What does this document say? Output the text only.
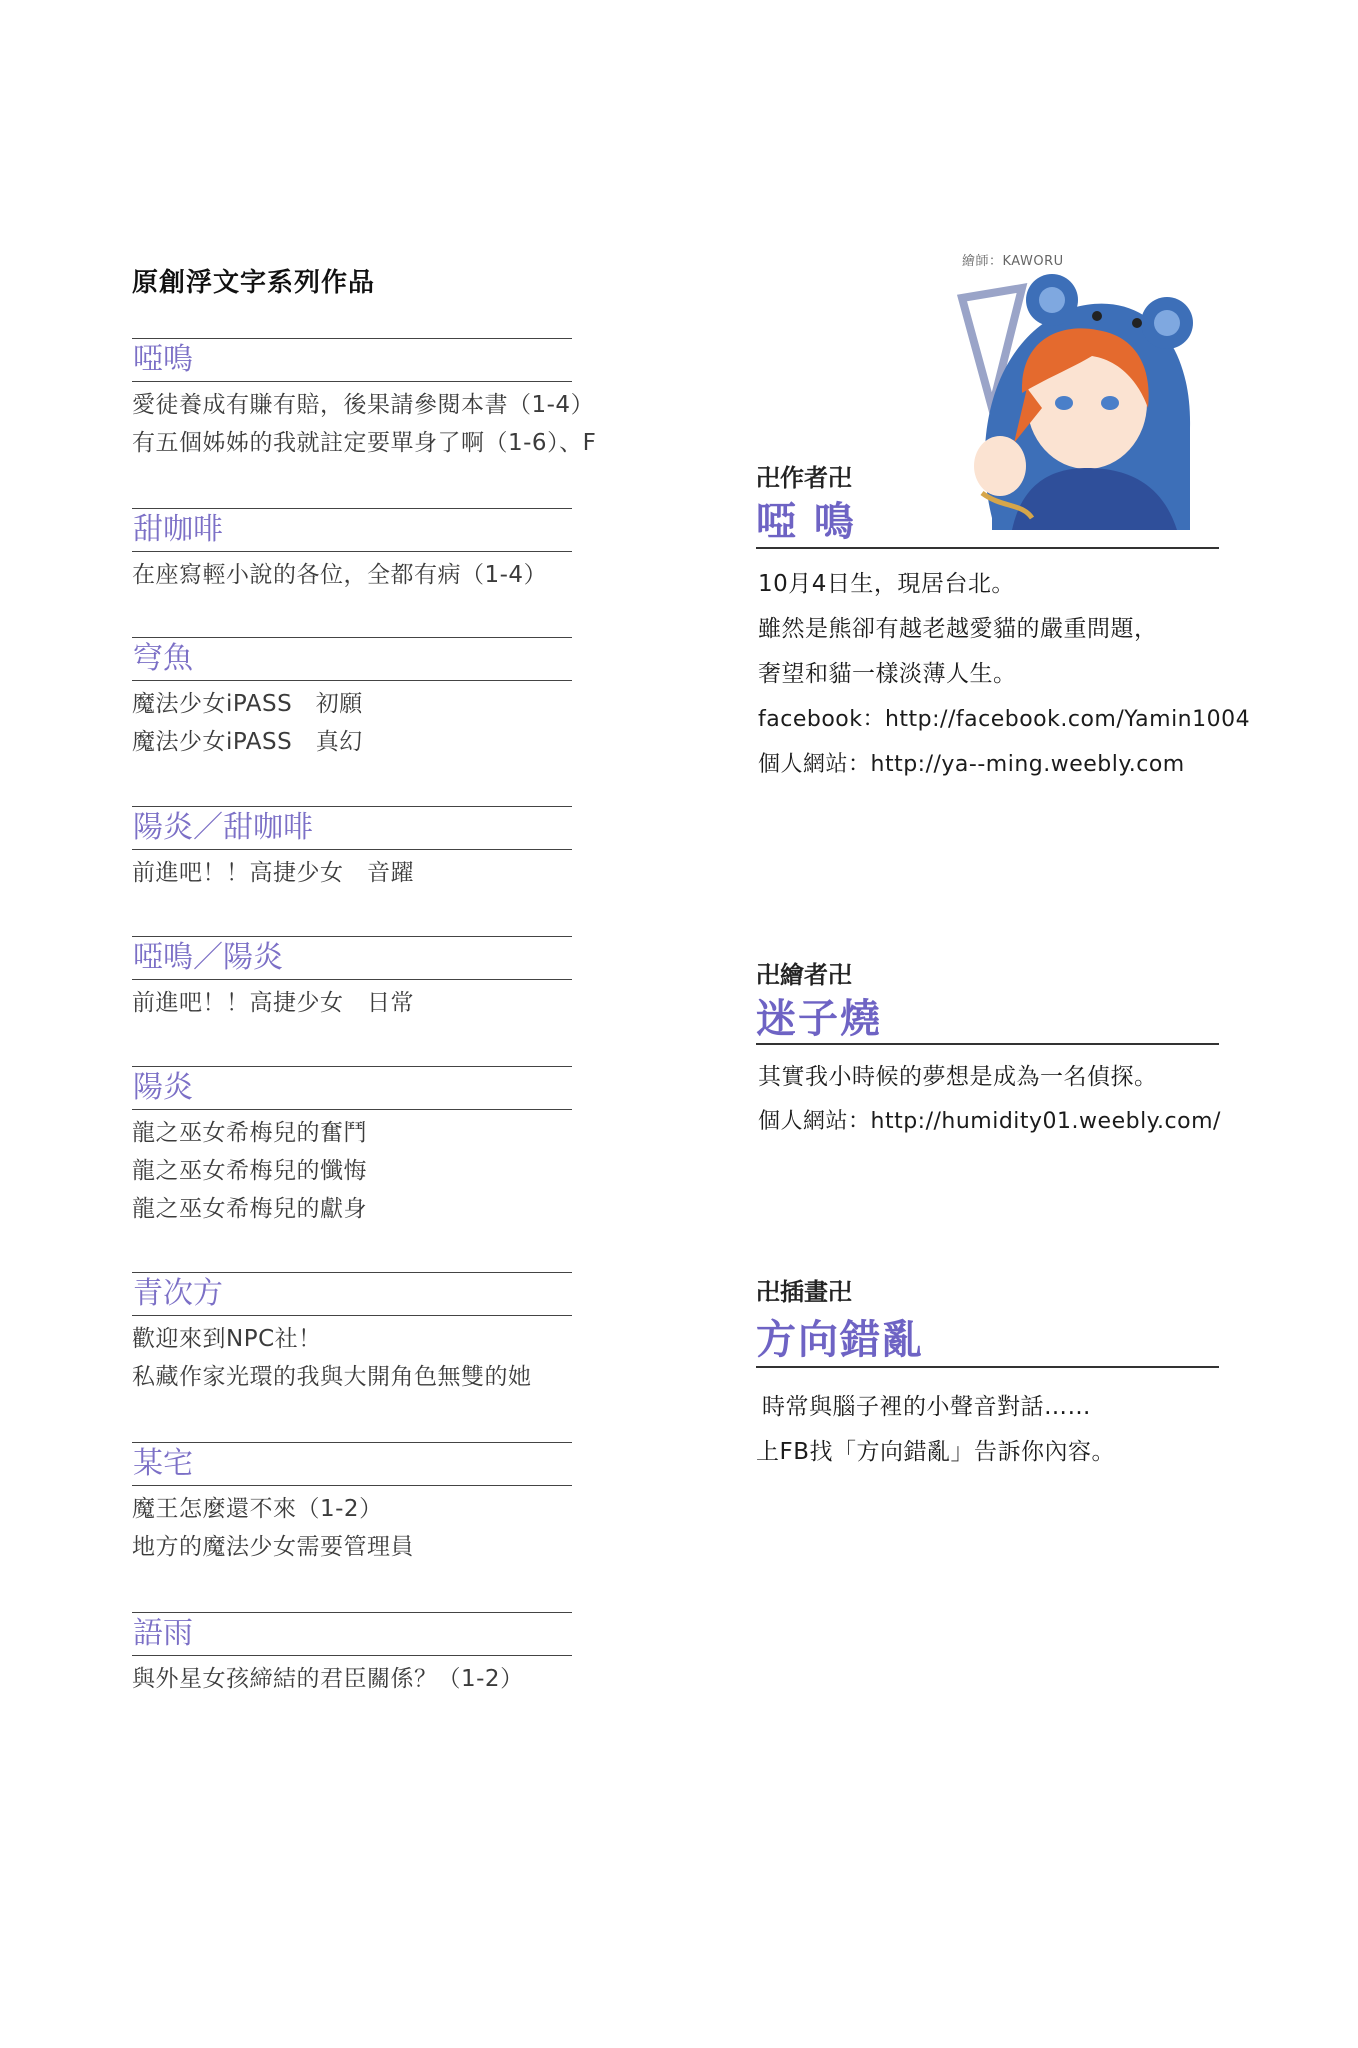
原創浮文字系列作品
啞鳴
愛徒養成有賺有賠，後果請參閱本書（1-4）
有五個姊姊的我就註定要單身了啊（1-6）、F
甜咖啡
在座寫輕小說的各位，全都有病（1-4）
穹魚
魔法少女iPASS　初願
魔法少女iPASS　真幻
陽炎／甜咖啡
前進吧！！高捷少女　音躍
啞鳴／陽炎
前進吧！！高捷少女　日常
陽炎
龍之巫女希梅兒的奮鬥
龍之巫女希梅兒的懺悔
龍之巫女希梅兒的獻身
青次方
歡迎來到NPC社！
私藏作家光環的我與大開角色無雙的她
某宅
魔王怎麼還不來（1-2）
地方的魔法少女需要管理員
語雨
與外星女孩締結的君臣關係？（1-2）
繪師：KAWORU
卍作者卍
啞 鳴
10月4日生，現居台北。
雖然是熊卻有越老越愛貓的嚴重問題，
奢望和貓一樣淡薄人生。
facebook：http://facebook.com/Yamin1004
個人網站：http://ya--ming.weebly.com
卍繪者卍
迷子燒
其實我小時候的夢想是成為一名偵探。
個人網站：http://humidity01.weebly.com/
卍插畫卍
方向錯亂
時常與腦子裡的小聲音對話……
上FB找「方向錯亂」告訴你內容。
